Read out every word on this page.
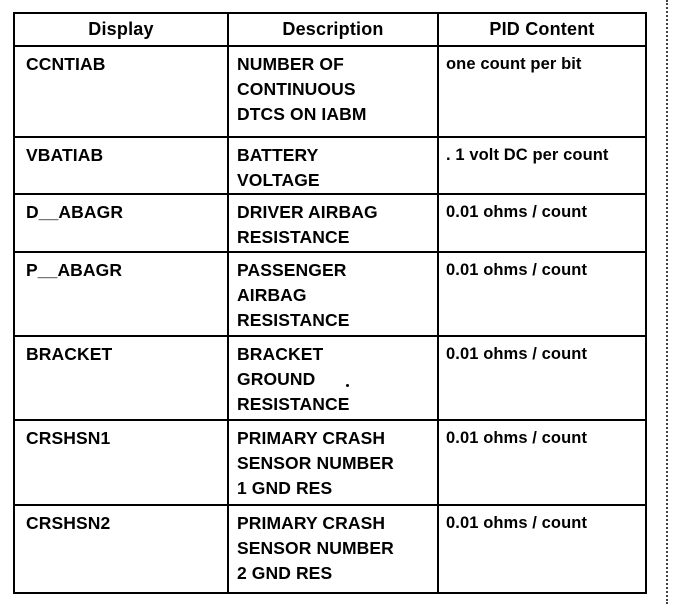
Display	Description	PID Content

CCNTIAB	NUMBER OF
CONTINUOUS
DTCS ON IABM	one count per bit

VBATIAB	BATTERY
VOLTAGE	. 1 volt DC per count

D__ABAGR	DRIVER AIRBAG
RESISTANCE	0.01 ohms / count

P__ABAGR	PASSENGER
AIRBAG
RESISTANCE	0.01 ohms / count

BRACKET	BRACKET
GROUND
RESISTANCE	0.01 ohms / count

CRSHSN1	PRIMARY CRASH
SENSOR NUMBER
1 GND RES	0.01 ohms / count

CRSHSN2	PRIMARY CRASH
SENSOR NUMBER
2 GND RES	0.01 ohms / count
